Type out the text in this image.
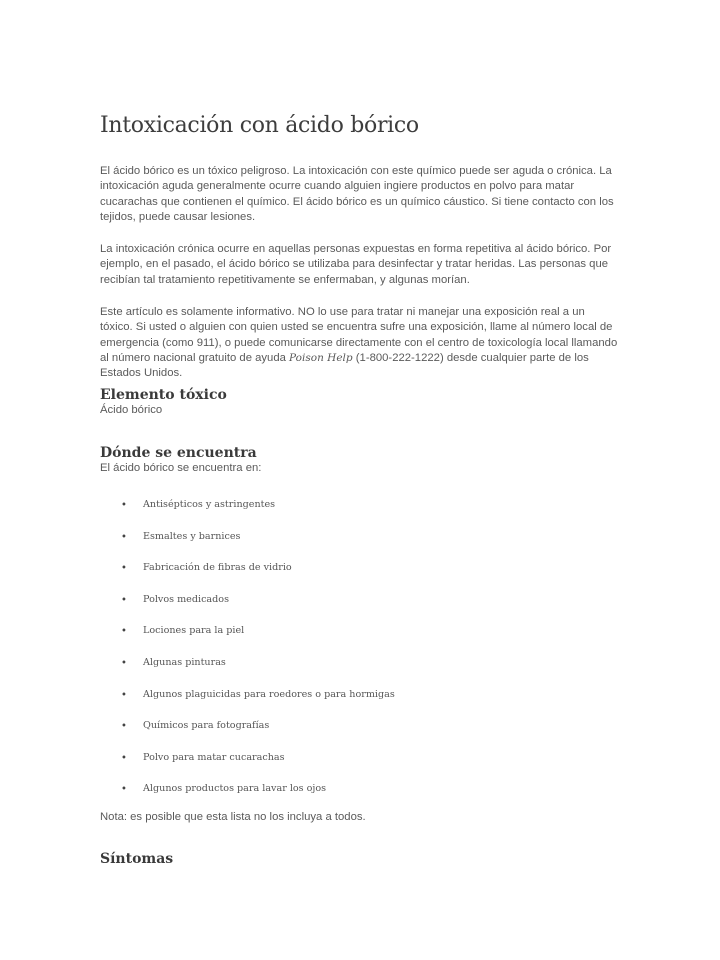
Intoxicación con ácido bórico
El ácido bórico es un tóxico peligroso. La intoxicación con este químico puede ser aguda o crónica. La intoxicación aguda generalmente ocurre cuando alguien ingiere productos en polvo para matar cucarachas que contienen el químico. El ácido bórico es un químico cáustico. Si tiene contacto con los tejidos, puede causar lesiones.
La intoxicación crónica ocurre en aquellas personas expuestas en forma repetitiva al ácido bórico. Por ejemplo, en el pasado, el ácido bórico se utilizaba para desinfectar y tratar heridas. Las personas que recibían tal tratamiento repetitivamente se enfermaban, y algunas morían.
Este artículo es solamente informativo. NO lo use para tratar ni manejar una exposición real a un tóxico. Si usted o alguien con quien usted se encuentra sufre una exposición, llame al número local de emergencia (como 911), o puede comunicarse directamente con el centro de toxicología local llamando al número nacional gratuito de ayuda Poison Help (1-800-222-1222) desde cualquier parte de los Estados Unidos.
Elemento tóxico
Ácido bórico
Dónde se encuentra
El ácido bórico se encuentra en:
• Antisépticos y astringentes
• Esmaltes y barnices
• Fabricación de fibras de vidrio
• Polvos medicados
• Lociones para la piel
• Algunas pinturas
• Algunos plaguicidas para roedores o para hormigas
• Químicos para fotografías
• Polvo para matar cucarachas
• Algunos productos para lavar los ojos
Nota: es posible que esta lista no los incluya a todos.
Síntomas
